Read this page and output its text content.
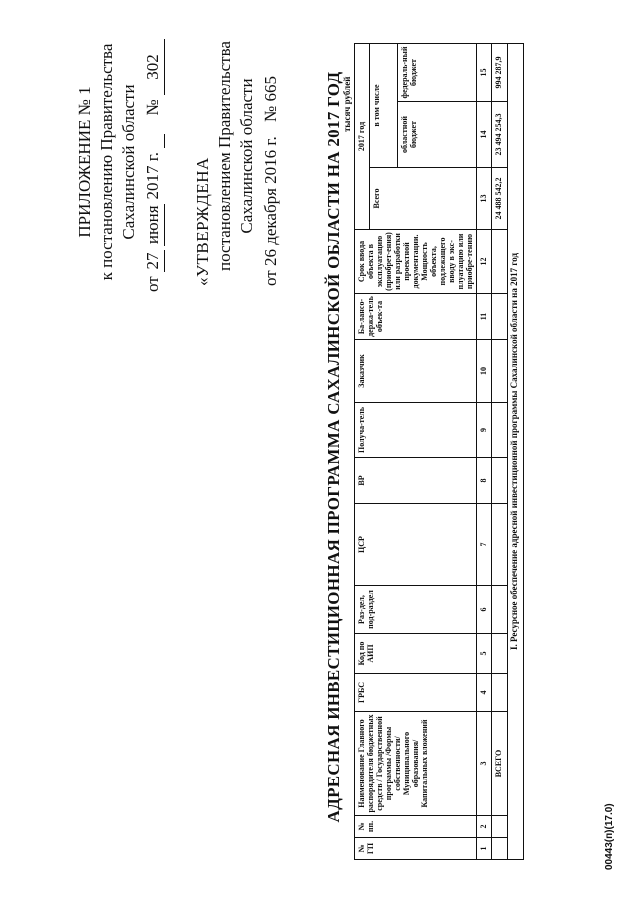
ПРИЛОЖЕНИЕ № 1 к постановлению Правительства Сахалинской области
от 27 июня 2017 г.   № 302
«УТВЕРЖДЕНА постановлением Правительства Сахалинской области
от 26 декабря 2016 г. № 665	АДРЕСНАЯ ИНВЕСТИЦИОННАЯ ПРОГРАММА САХАЛИНСКОЙ ОБЛАСТИ НА 2017 ГОД тысяч рублей
№ ГП	№ пп.	Наименование Главного распорядителя бюджетных средств / Государственной программы /Формы собственности/ Муниципального образования/ Капитальных вложений	ГРБС	Код по АИП	Раз-дел, под-раздел	ЦСР	ВР	Получа-тель	Заказчик	Ба-лансо-держа-тель объек-та	Срок ввода объекта в эксплуатацию (приобрет-ения) или разработки проектной документации. Мощность объекта, подлежащего вводу в экс-плуатацию или приобре-тению	2017 год		
												Всего	в том числе	
													областной бюджет	федераль-ный бюджет
1	2	3	4	5	6	7	8	9	10	11	12	13	14	15
		ВСЕГО										24 488 542,2	23 494 254,3	994 287,9
I. Ресурсное обеспечение адресной инвестиционной программы Сахалинской области на 2017 год														
00443(п)(17.0)
